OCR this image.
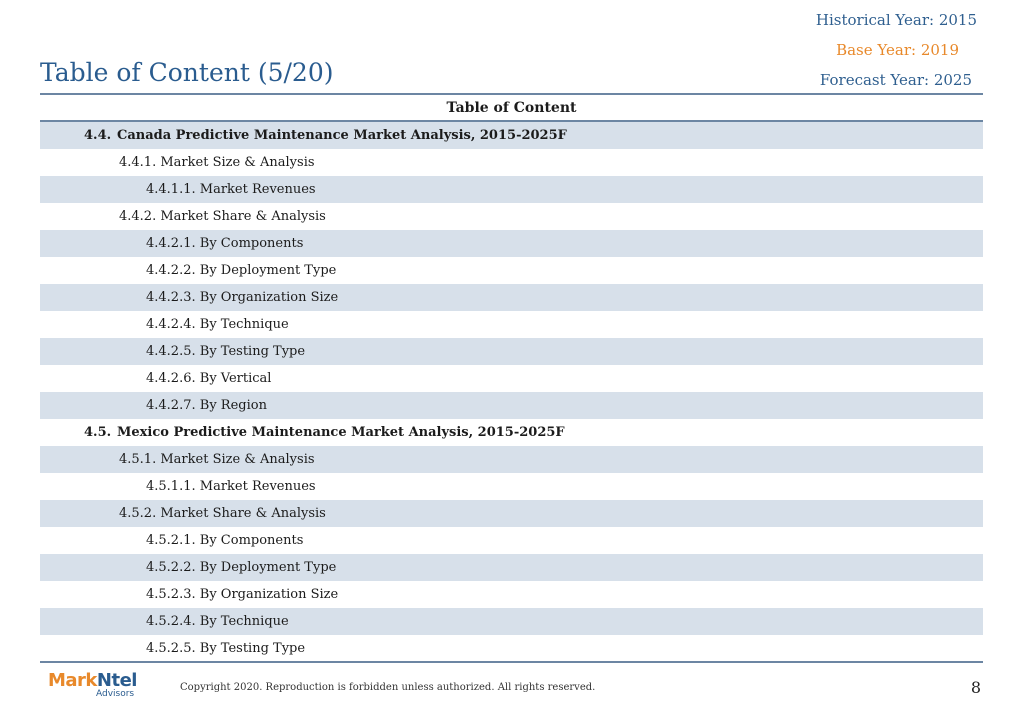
Historical Year: 2015
Base Year: 2019
Forecast Year: 2025
Table of Content (5/20)
Table of Content
4.4. Canada Predictive Maintenance Market Analysis, 2015-2025F
4.4.1. Market Size & Analysis
4.4.1.1. Market Revenues
4.4.2. Market Share & Analysis
4.4.2.1. By Components
4.4.2.2. By Deployment Type
4.4.2.3. By Organization Size
4.4.2.4. By Technique
4.4.2.5. By Testing Type
4.4.2.6. By Vertical
4.4.2.7. By Region
4.5. Mexico Predictive Maintenance Market Analysis, 2015-2025F
4.5.1. Market Size & Analysis
4.5.1.1. Market Revenues
4.5.2. Market Share & Analysis
4.5.2.1. By Components
4.5.2.2. By Deployment Type
4.5.2.3. By Organization Size
4.5.2.4. By Technique
4.5.2.5. By Testing Type
MarkNtel
Advisors
Copyright 2020. Reproduction is forbidden unless authorized. All rights reserved.	8
